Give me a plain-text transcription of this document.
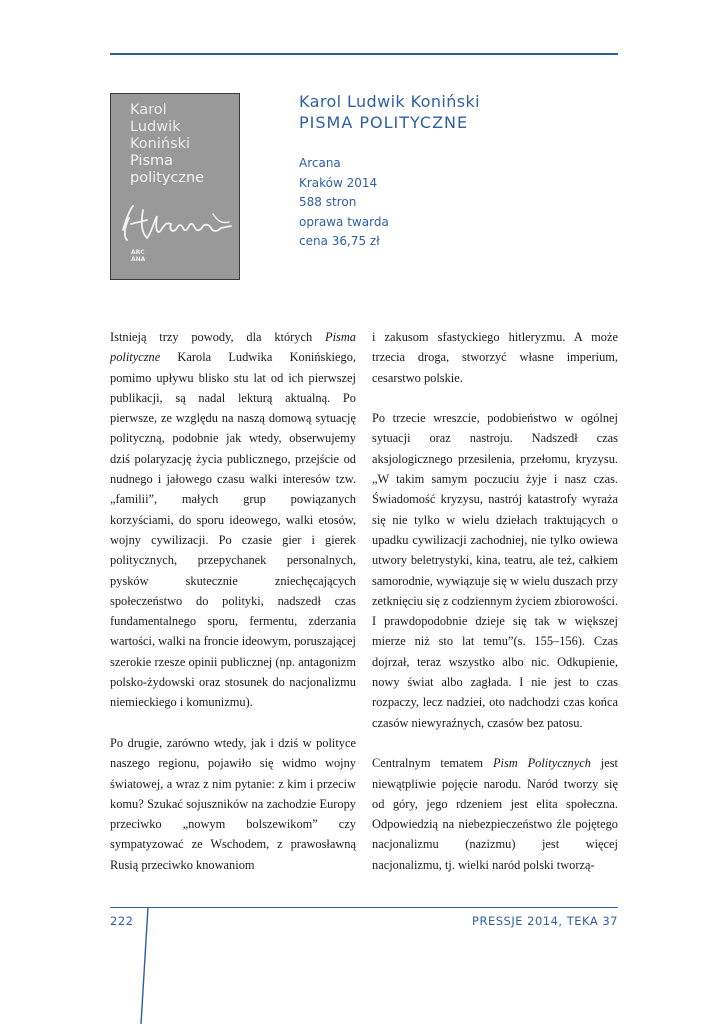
Karol
Ludwik
Koniński
Pisma
polityczne
ARC
ANA
Karol Ludwik Koniński
PISMA POLITYCZNE
Arcana
Kraków 2014
588 stron
oprawa twarda
cena 36,75 zł

Istnieją trzy powody, dla których Pisma polityczne Karola Ludwika Konińskiego, pomimo upływu blisko stu lat od ich pierwszej publikacji, są nadal lekturą aktualną. Po pierwsze, ze względu na naszą domową sytuację polityczną, podobnie jak wtedy, obserwujemy dziś polaryzację życia publicznego, przejście od nudnego i jałowego czasu walki interesów tzw. „familii”, małych grup powiązanych korzyściami, do sporu ideowego, walki etosów, wojny cywilizacji. Po czasie gier i gierek politycznych, przepychanek personalnych, pysków skutecznie zniechęcających społeczeństwo do polityki, nadszedł czas fundamentalnego sporu, fermentu, zderzania wartości, walki na froncie ideowym, poruszającej szerokie rzesze opinii publicznej (np. antagonizm polsko-żydowski oraz stosunek do nacjonalizmu niemieckiego i komunizmu).

Po drugie, zarówno wtedy, jak i dziś w polityce naszego regionu, pojawiło się widmo wojny światowej, a wraz z nim pytanie: z kim i przeciw komu? Szukać sojuszników na zachodzie Europy przeciwko „nowym bolszewikom” czy sympatyzować ze Wschodem, z prawosławną Rusią przeciwko knowaniom

i zakusom sfastyckiego hitleryzmu. A może trzecia droga, stworzyć własne imperium, cesarstwo polskie.

Po trzecie wreszcie, podobieństwo w ogólnej sytuacji oraz nastroju. Nadszedł czas aksjologicznego przesilenia, przełomu, kryzysu. „W takim samym poczuciu żyje i nasz czas. Świadomość kryzysu, nastrój katastrofy wyraża się nie tylko w wielu dziełach traktujących o upadku cywilizacji zachodniej, nie tylko owiewa utwory beletrystyki, kina, teatru, ale też, całkiem samorodnie, wywiązuje się w wielu duszach przy zetknięciu się z codziennym życiem zbiorowości. I prawdopodobnie dzieje się tak w większej mierze niż sto lat temu”(s. 155–156). Czas dojrzał, teraz wszystko albo nic. Odkupienie, nowy świat albo zagłada. I nie jest to czas rozpaczy, lecz nadziei, oto nadchodzi czas końca czasów niewyraźnych, czasów bez patosu.

Centralnym tematem Pism Politycznych jest niewątpliwie pojęcie narodu. Naród tworzy się od góry, jego rdzeniem jest elita społeczna. Odpowiedzią na niebezpieczeństwo źle pojętego nacjonalizmu (nazizmu) jest więcej nacjonalizmu, tj. wielki naród polski tworzą-

222	PRESSJE 2014, TEKA 37
